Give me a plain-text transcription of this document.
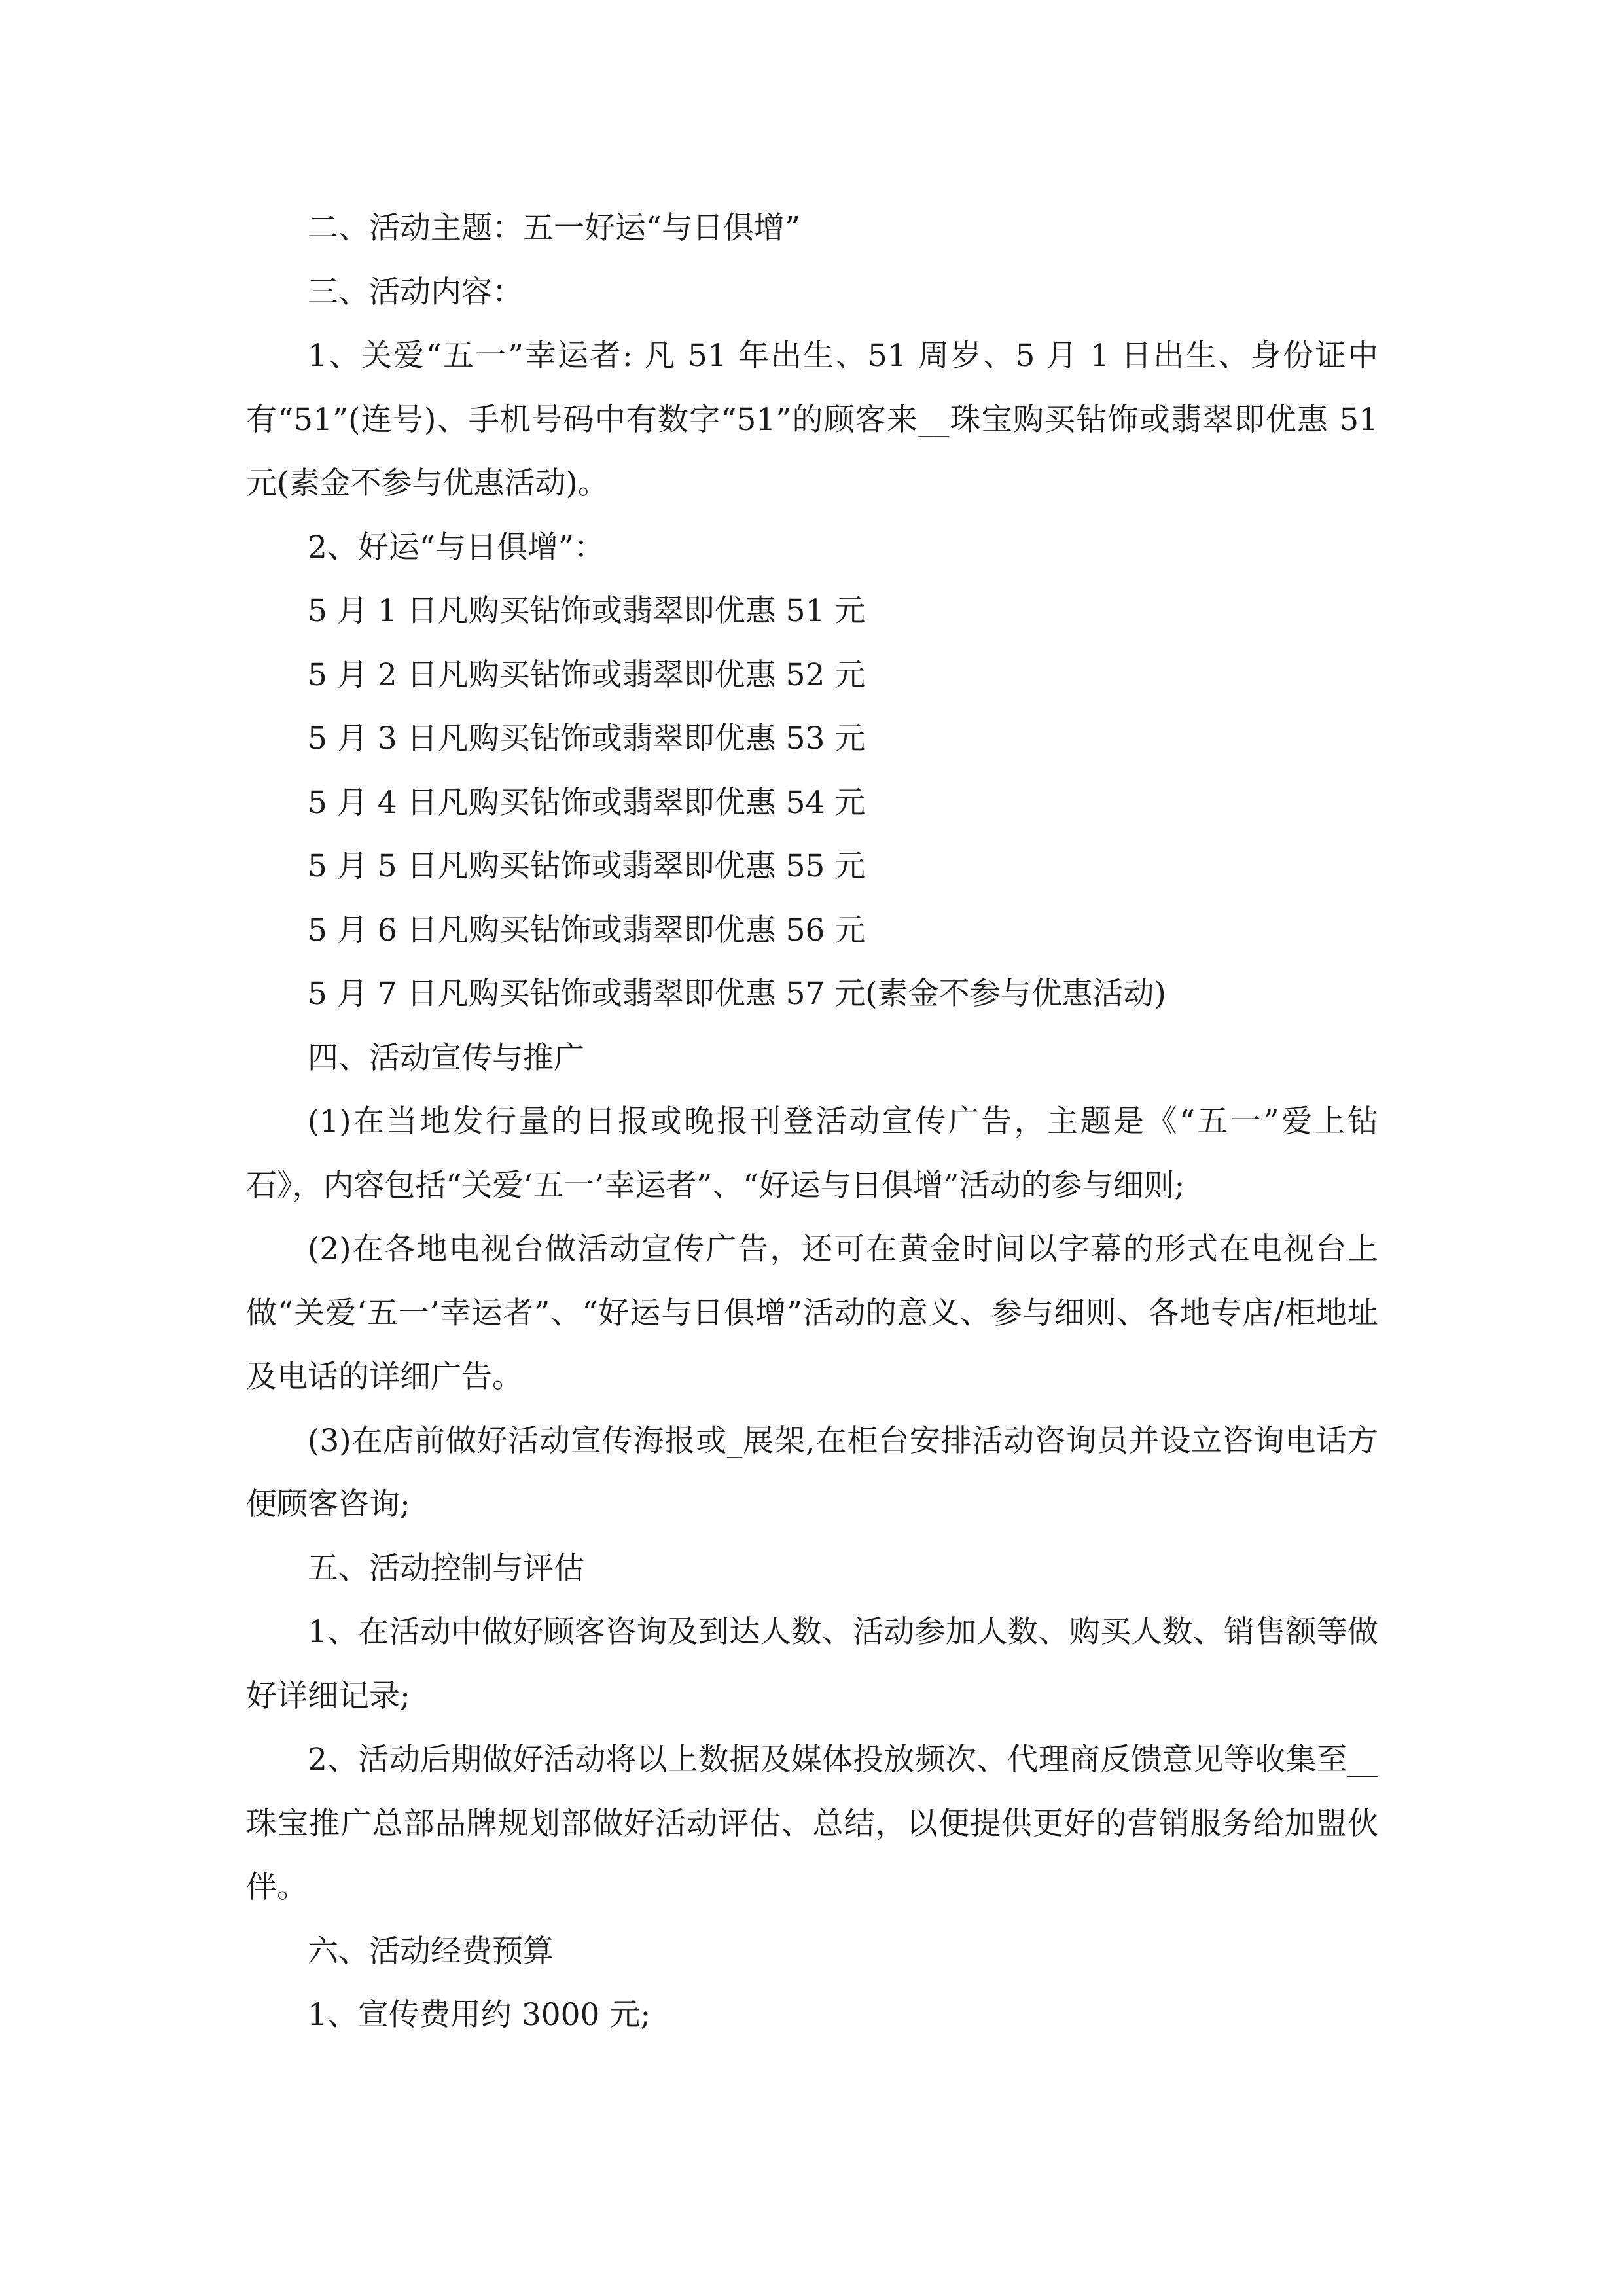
二、活动主题：五一好运“与日俱增”

三、活动内容：

1、关爱“五一”幸运者: 凡 51 年出生、51 周岁、5 月 1 日出生、身份证中有“51”(连号)、手机号码中有数字“51”的顾客来__珠宝购买钻饰或翡翠即优惠 51 元(素金不参与优惠活动)。

2、好运“与日俱增”：

5 月 1 日凡购买钻饰或翡翠即优惠 51 元

5 月 2 日凡购买钻饰或翡翠即优惠 52 元

5 月 3 日凡购买钻饰或翡翠即优惠 53 元

5 月 4 日凡购买钻饰或翡翠即优惠 54 元

5 月 5 日凡购买钻饰或翡翠即优惠 55 元

5 月 6 日凡购买钻饰或翡翠即优惠 56 元

5 月 7 日凡购买钻饰或翡翠即优惠 57 元(素金不参与优惠活动)

四、活动宣传与推广

(1)在当地发行量的日报或晚报刊登活动宣传广告，主题是《“五一”爱上钻石》，内容包括“关爱‘五一’幸运者”、“好运与日俱增”活动的参与细则;

(2)在各地电视台做活动宣传广告，还可在黄金时间以字幕的形式在电视台上做“关爱‘五一’幸运者”、“好运与日俱增”活动的意义、参与细则、各地专店/柜地址及电话的详细广告。

(3)在店前做好活动宣传海报或_展架,在柜台安排活动咨询员并设立咨询电话方便顾客咨询;

五、活动控制与评估

1、在活动中做好顾客咨询及到达人数、活动参加人数、购买人数、销售额等做好详细记录;

2、活动后期做好活动将以上数据及媒体投放频次、代理商反馈意见等收集至__珠宝推广总部品牌规划部做好活动评估、总结，以便提供更好的营销服务给加盟伙伴。

六、活动经费预算

1、宣传费用约 3000 元;
